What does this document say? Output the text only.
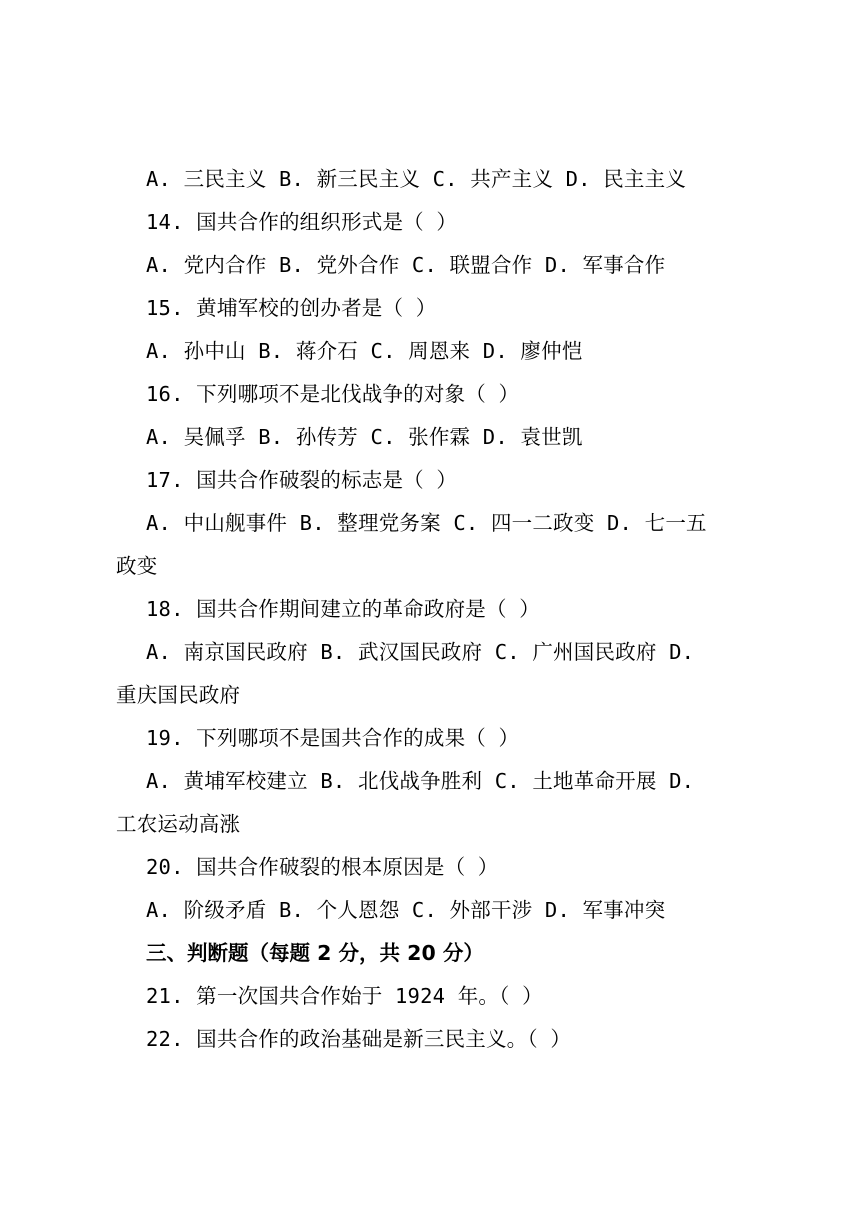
A. 三民主义 B. 新三民主义 C. 共产主义 D. 民主主义
14. 国共合作的组织形式是（ ）
A. 党内合作 B. 党外合作 C. 联盟合作 D. 军事合作
15. 黄埔军校的创办者是（ ）
A. 孙中山 B. 蒋介石 C. 周恩来 D. 廖仲恺
16. 下列哪项不是北伐战争的对象（ ）
A. 吴佩孚 B. 孙传芳 C. 张作霖 D. 袁世凯
17. 国共合作破裂的标志是（ ）
A. 中山舰事件 B. 整理党务案 C. 四一二政变 D. 七一五
政变
18. 国共合作期间建立的革命政府是（ ）
A. 南京国民政府 B. 武汉国民政府 C. 广州国民政府 D.
重庆国民政府
19. 下列哪项不是国共合作的成果（ ）
A. 黄埔军校建立 B. 北伐战争胜利 C. 土地革命开展 D.
工农运动高涨
20. 国共合作破裂的根本原因是（ ）
A. 阶级矛盾 B. 个人恩怨 C. 外部干涉 D. 军事冲突
三、判断题（每题 2 分，共 20 分）
21. 第一次国共合作始于 1924 年。（ ）
22. 国共合作的政治基础是新三民主义。（ ）
